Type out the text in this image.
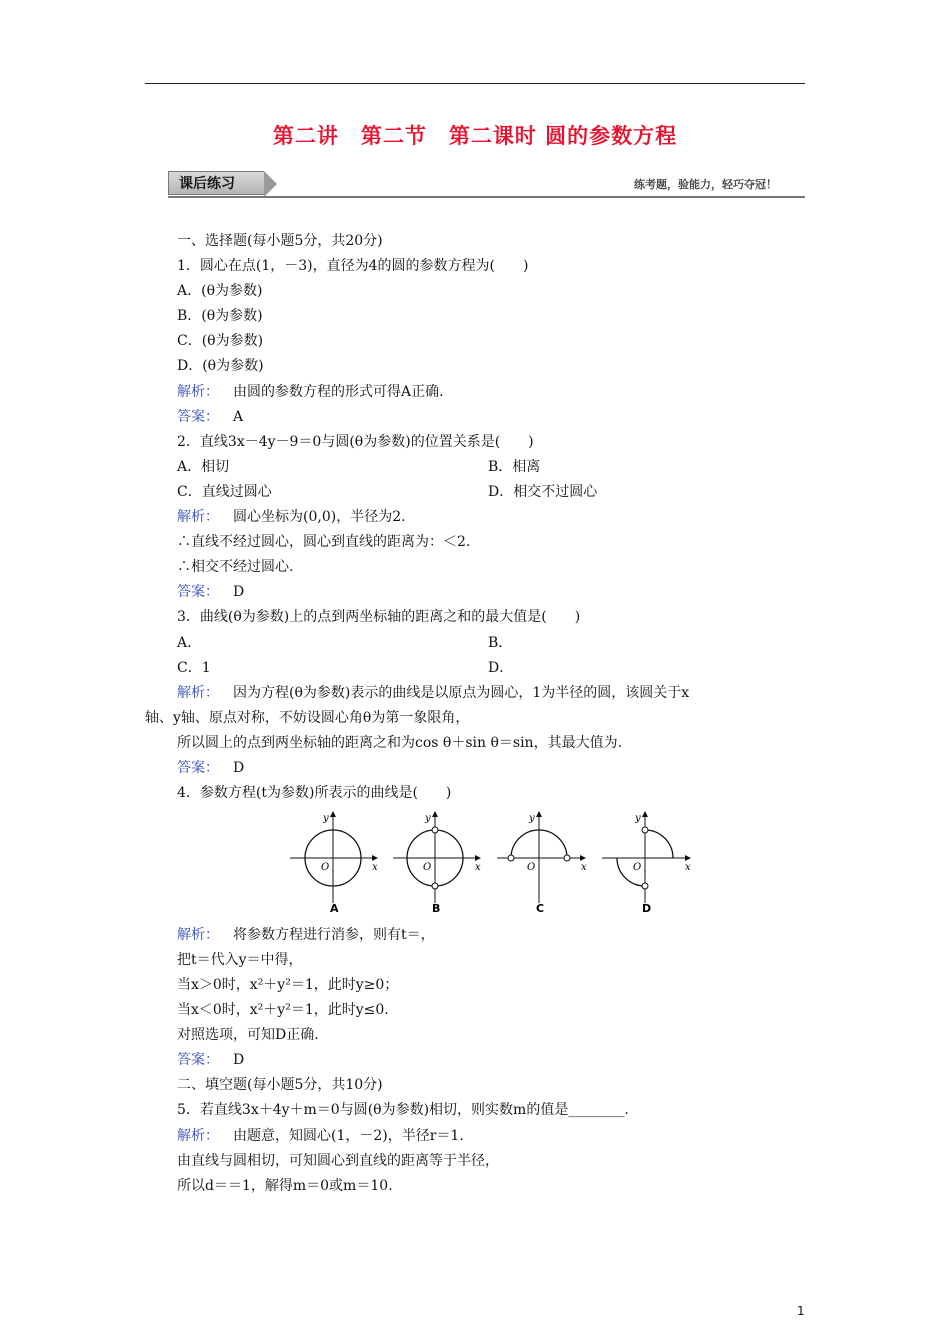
第二讲　第二节　第二课时 圆的参数方程
课后练习	练考题，验能力，轻巧夺冠！
一、选择题(每小题5分，共20分)
1．圆心在点(1，－3)，直径为4的圆的参数方程为(　　)
A．(θ为参数)
B．(θ为参数)
C．(θ为参数)
D．(θ为参数)
解析： 由圆的参数方程的形式可得A正确.
答案： A
2．直线3x－4y－9＝0与圆(θ为参数)的位置关系是(　　)
A．相切	B．相离
C．直线过圆心	D．相交不过圆心
解析： 圆心坐标为(0,0)，半径为2.
∴直线不经过圆心，圆心到直线的距离为：＜2.
∴相交不经过圆心.
答案： D
3．曲线(θ为参数)上的点到两坐标轴的距离之和的最大值是(　　)
A．	B．
C．1	D．
解析： 因为方程(θ为参数)表示的曲线是以原点为圆心，1为半径的圆，该圆关于x
轴、y轴、原点对称，不妨设圆心角θ为第一象限角，
所以圆上的点到两坐标轴的距离之和为cos θ＋sin θ＝sin，其最大值为.
答案： D
4．参数方程(t为参数)所表示的曲线是(　　)
y
x
O
A
y
x
O
B
y
x
O
C
y
x
O
D
解析： 将参数方程进行消参，则有t＝，
把t＝代入y＝中得，
当x＞0时，x²＋y²＝1，此时y≥0；
当x＜0时，x²＋y²＝1，此时y≤0.
对照选项，可知D正确.
答案： D
二、填空题(每小题5分，共10分)
5．若直线3x＋4y＋m＝0与圆(θ为参数)相切，则实数m的值是________.
解析： 由题意，知圆心(1，－2)，半径r＝1.
由直线与圆相切，可知圆心到直线的距离等于半径，
所以d＝＝1，解得m＝0或m＝10.
1
